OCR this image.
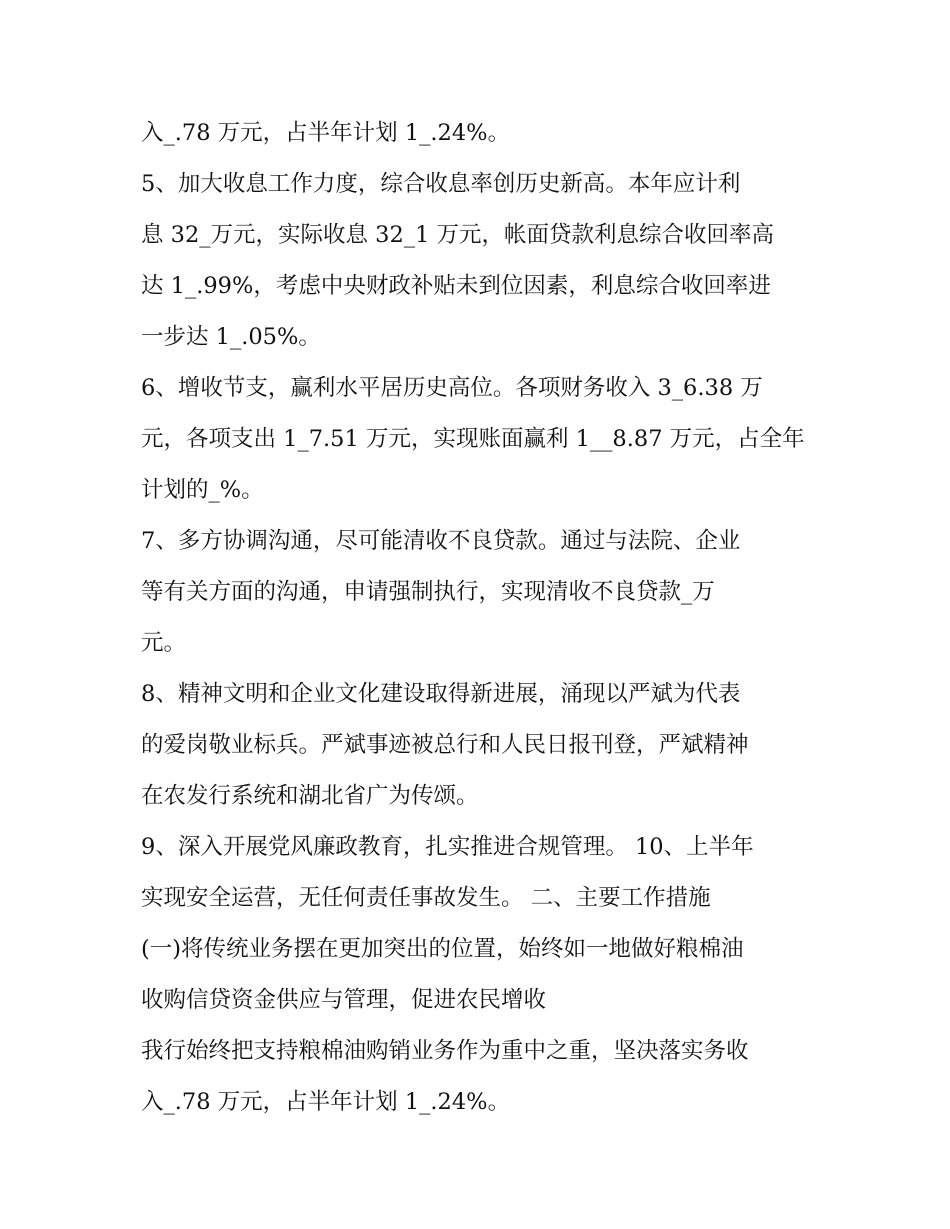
入_.78 万元，占半年计划 1_.24%。
5、加大收息工作力度，综合收息率创历史新高。本年应计利
息 32_万元，实际收息 32_1 万元，帐面贷款利息综合收回率高
达 1_.99%，考虑中央财政补贴未到位因素，利息综合收回率进
一步达 1_.05%。
6、增收节支，赢利水平居历史高位。各项财务收入 3_6.38 万
元，各项支出 1_7.51 万元，实现账面赢利 1__8.87 万元，占全年
计划的_%。
7、多方协调沟通，尽可能清收不良贷款。通过与法院、企业
等有关方面的沟通，申请强制执行，实现清收不良贷款_万
元。
8、精神文明和企业文化建设取得新进展，涌现以严斌为代表
的爱岗敬业标兵。严斌事迹被总行和人民日报刊登，严斌精神
在农发行系统和湖北省广为传颂。
9、深入开展党风廉政教育，扎实推进合规管理。 10、上半年
实现安全运营，无任何责任事故发生。 二、主要工作措施
(一)将传统业务摆在更加突出的位置，始终如一地做好粮棉油
收购信贷资金供应与管理，促进农民增收
我行始终把支持粮棉油购销业务作为重中之重，坚决落实务收
入_.78 万元，占半年计划 1_.24%。
